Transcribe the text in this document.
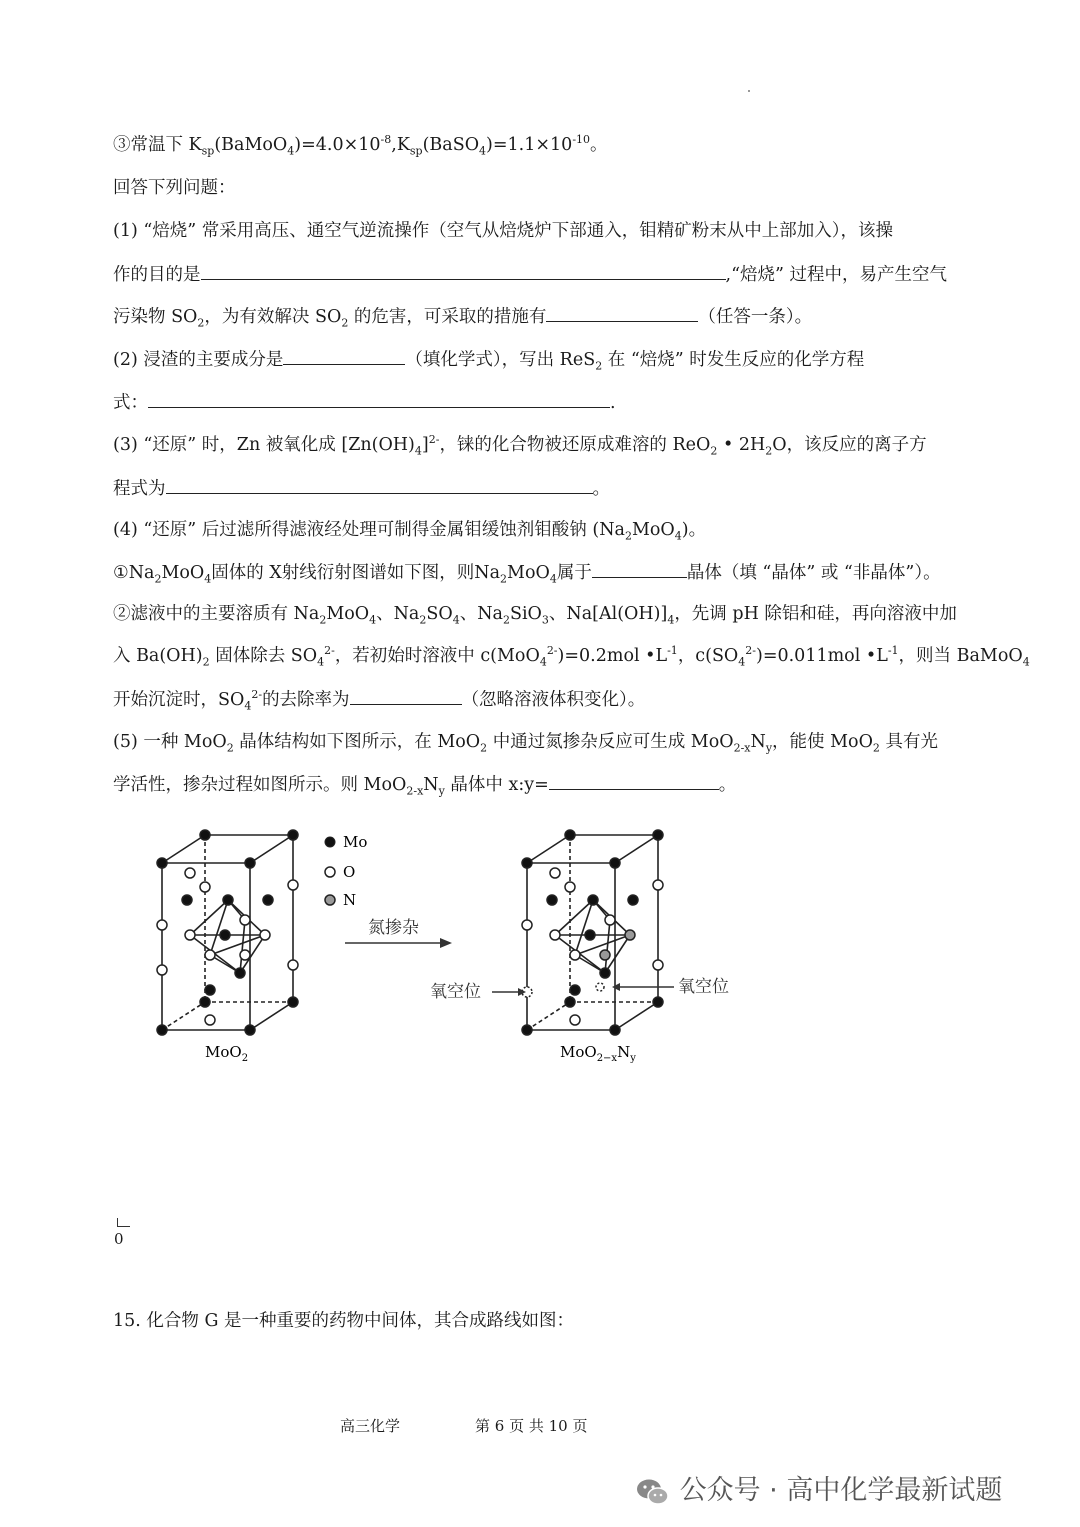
③常温下 $K_{sp}(BaMoO_4)=4.0\times 10^{-8},K_{sp}(BaSO_4)=1.1\times 10^{-10}$。
回答下列问题：
(1) “焙烧” 常采用高压、通空气逆流操作（空气从焙烧炉下部通入，钼精矿粉末从中上部加入），该操
作的目的是	,“焙烧” 过程中，易产生空气
污染物 $SO_2$，为有效解决 $SO_2$ 的危害，可采取的措施有	（任答一条）。
(2) 浸渣的主要成分是	（填化学式），写出 ReS$_2$ 在 “焙烧” 时发生反应的化学方程
式：	.
(3) “还原” 时，Zn 被氧化成 $[Zn(OH)_4]^{2-}$，铼的化合物被还原成难溶的 ReO$_2$ • $2H_2O$，该反应的离子方
程式为	。
(4) “还原” 后过滤所得滤液经处理可制得金属钼缓蚀剂钼酸钠 $(Na_2MoO_4)$。
$①Na_2MoO_4$固体的 X射线衍射图谱如下图，则$Na_2MoO_4$属于	晶体（填 “晶体” 或 “非晶体”）。
②滤液中的主要溶质有 $Na_2MoO_4$、$Na_2SO_4$、$Na_2SiO_3$、$Na[Al(OH)]_4$，先调 pH 除铝和硅，再向溶液中加
入 $Ba(OH)_2$ 固体除去 $SO_4^{2-}$，若初始时溶液中 c(MoO$_4^{2-}$)=0.2mol $•L^{-1}$，$c(SO_4^{2-})=0.011mol$ $•L^{-1}$，则当 BaMoO$_4$
开始沉淀时，$SO_4^{2-}$的去除率为	（忽略溶液体积变化）。
(5) 一种 MoO$_2$ 晶体结构如下图所示，在 MoO$_2$ 中通过氮掺杂反应可生成 $MoO_{2-x}N_y$，能使 MoO$_2$ 具有光
学活性，掺杂过程如图所示。则 $MoO_{2-x}N_y$ 晶体中 x:y=	。
Mo
O
N
氮掺杂
氧空位	氧空位
MoO$_2$	$MoO_{2-x}N_y$
0
15. 化合物 G 是一种重要的药物中间体，其合成路线如图：
高三化学	第 6 页 共 10 页
公众号 · 高中化学最新试题
